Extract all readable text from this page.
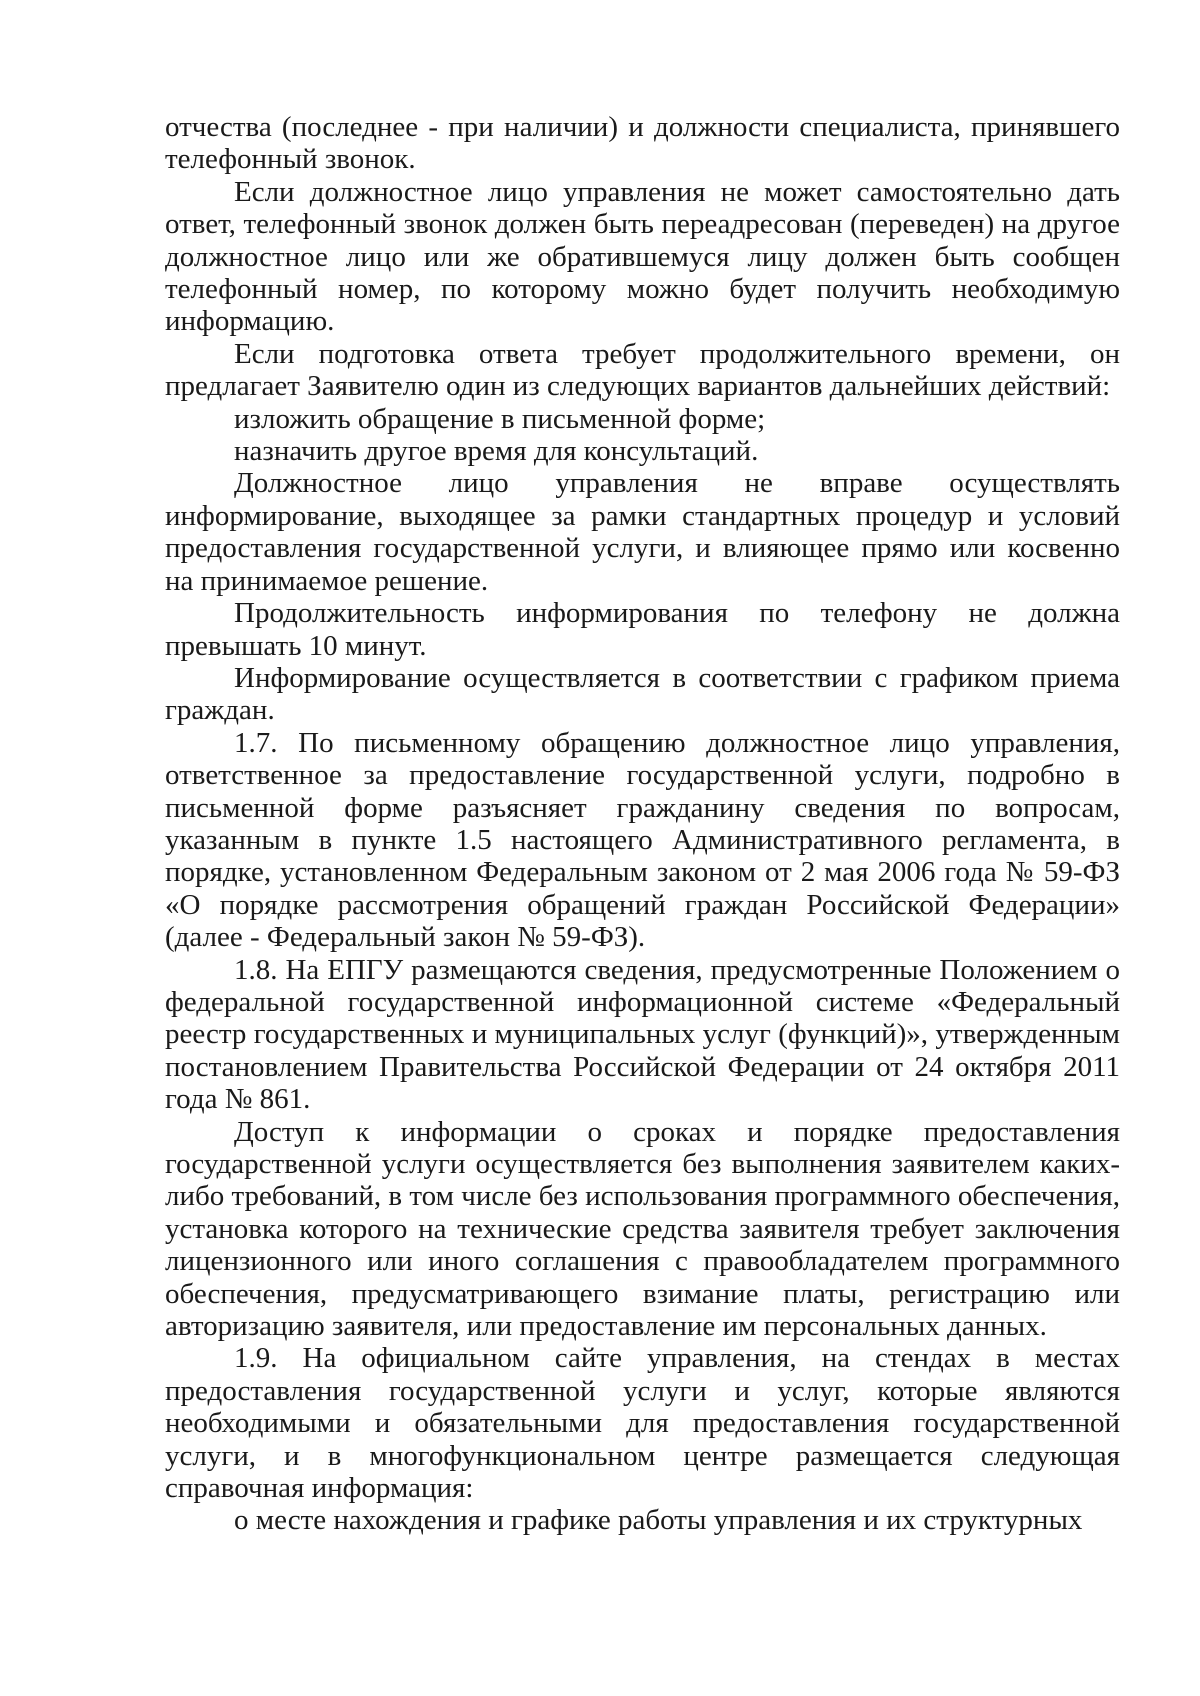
отчества (последнее - при наличии) и должности специалиста, принявшего телефонный звонок.

Если должностное лицо управления не может самостоятельно дать ответ, телефонный звонок должен быть переадресован (переведен) на другое должностное лицо или же обратившемуся лицу должен быть сообщен телефонный номер, по которому можно будет получить необходимую информацию.

Если подготовка ответа требует продолжительного времени, он предлагает Заявителю один из следующих вариантов дальнейших действий:

изложить обращение в письменной форме;

назначить другое время для консультаций.

Должностное лицо управления не вправе осуществлять информирование, выходящее за рамки стандартных процедур и условий предоставления государственной услуги, и влияющее прямо или косвенно на принимаемое решение.

Продолжительность информирования по телефону не должна превышать 10 минут.

Информирование осуществляется в соответствии с графиком приема граждан.

1.7. По письменному обращению должностное лицо управления, ответственное за предоставление государственной услуги, подробно в письменной форме разъясняет гражданину сведения по вопросам, указанным в пункте 1.5 настоящего Административного регламента, в порядке, установленном Федеральным законом от 2 мая 2006 года № 59-ФЗ «О порядке рассмотрения обращений граждан Российской Федерации» (далее - Федеральный закон № 59-ФЗ).

1.8. На ЕПГУ размещаются сведения, предусмотренные Положением о федеральной государственной информационной системе «Федеральный реестр государственных и муниципальных услуг (функций)», утвержденным постановлением Правительства Российской Федерации от 24 октября 2011 года № 861.

Доступ к информации о сроках и порядке предоставления государственной услуги осуществляется без выполнения заявителем каких-либо требований, в том числе без использования программного обеспечения, установка которого на технические средства заявителя требует заключения лицензионного или иного соглашения с правообладателем программного обеспечения, предусматривающего взимание платы, регистрацию или авторизацию заявителя, или предоставление им персональных данных.

1.9. На официальном сайте управления, на стендах в местах предоставления государственной услуги и услуг, которые являются необходимыми и обязательными для предоставления государственной услуги, и в многофункциональном центре размещается следующая справочная информация:

о месте нахождения и графике работы управления и их структурных
